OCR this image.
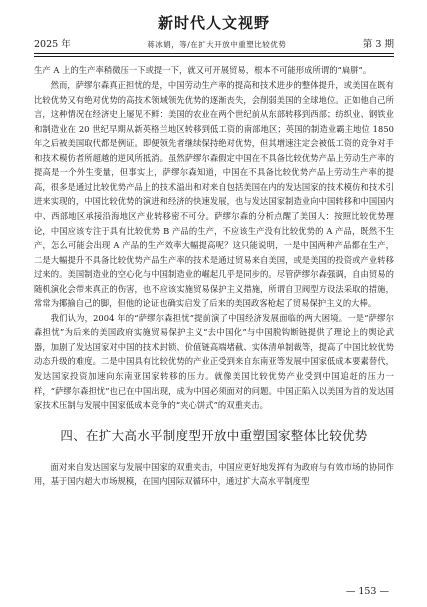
新时代人文视野
2025 年	蒋冰娟，等/在扩大开放中重塑比较优势	第 3 期

生产 A 上的生产率稍微压一下或提一下，就又可开展贸易，根本不可能形成所谓的“扁胼”。

然而，萨缪尔森真正担忧的是，中国劳动生产率的提高和技术进步的整体提升，或美国在既有比较优势又有绝对优势的高技术领域领先优势的逐渐丧失，会削弱美国的全球地位。正如他自己所言，这种情况在经济史上屡见不鲜：美国的农业在两个世纪前从东部转移到西部；纺织业、钢铁业和制造业在 20 世纪早期从新英格兰地区转移到低工资的南部地区；英国的制造业霸主地位 1850 年之后被美国取代都是例证。即便领先者继续保持绝对优势，但其增速注定会被低工资的竞争对手和技术模仿者所超越的逆风所抵消。虽然萨缪尔森假定中国在不具备比较优势产品上劳动生产率的提高是一个外生变量，但事实上，萨缪尔森知道，中国在不具备比较优势产品上劳动生产率的提高，很多是通过比较优势产品上的技术溢出和对来自包括美国在内的发达国家的技术模仿和技术引进来实现的，中国比较优势的演进和经济的快速发展，也与发达国家制造业向中国转移和中国国内中、西部地区承接沿海地区产业转移密不可分。萨缪尔森的分析点醒了美国人：按照比较优势理论，中国应该专注于具有比较优势 B 产品的生产，不应该生产没有比较优势的 A 产品，既然不生产，怎么可能会出现 A 产品的生产效率大幅提高呢？这只能说明，一是中国两种产品都在生产，二是大幅提升不具备比较优势产品生产率的技术是通过贸易来自美国，或是美国的投资或产业转移过来的。美国制造业的空心化与中国制造业的崛起几乎是同步的。尽管萨缪尔森强调，自由贸易的随机演化会带来真正的伤害，也不应该实施贸易保护主义措施，所谓自卫阀型方设法采取的措施，常常为揶揄自己的脚，但他的论证也确实启发了后来的美国政客枪起了贸易保护主义的大棒。

我们认为，2004 年的“萨缪尔森担忧”提前演了中国经济发展面临的两大困境。一是“萨缪尔森担忧”为后来的美国政府实施贸易保护主义“去中国化”与中国脱钩断链提供了理论上的舆论武器，加剧了发达国家对中国的技术封锁、价值链高端堵截、实体清单制裁等，提高了中国比较优势动态升级的难度。二是中国具有比较优势的产业正受到来自东南亚等发展中国家低成本要素替代，发达国家投资加速向东南亚国家转移的压力。就像美国比较优势产业受到中国追赶的压力一样，“萨缪尔森担忧”也已在中国出现，成为中国必须面对的问题。中国正陷入以美国为首的发达国家技术压制与发展中国家低成本竞争的“夹心饼式”的双重夹击。

四、在扩大高水平制度型开放中重塑国家整体比较优势

面对来自发达国家与发展中国家的双重夹击，中国应更好地发挥有为政府与有效市场的协同作用，基于国内超大市场规模，在国内国际双循环中，通过扩大高水平制度型

— 153 —
